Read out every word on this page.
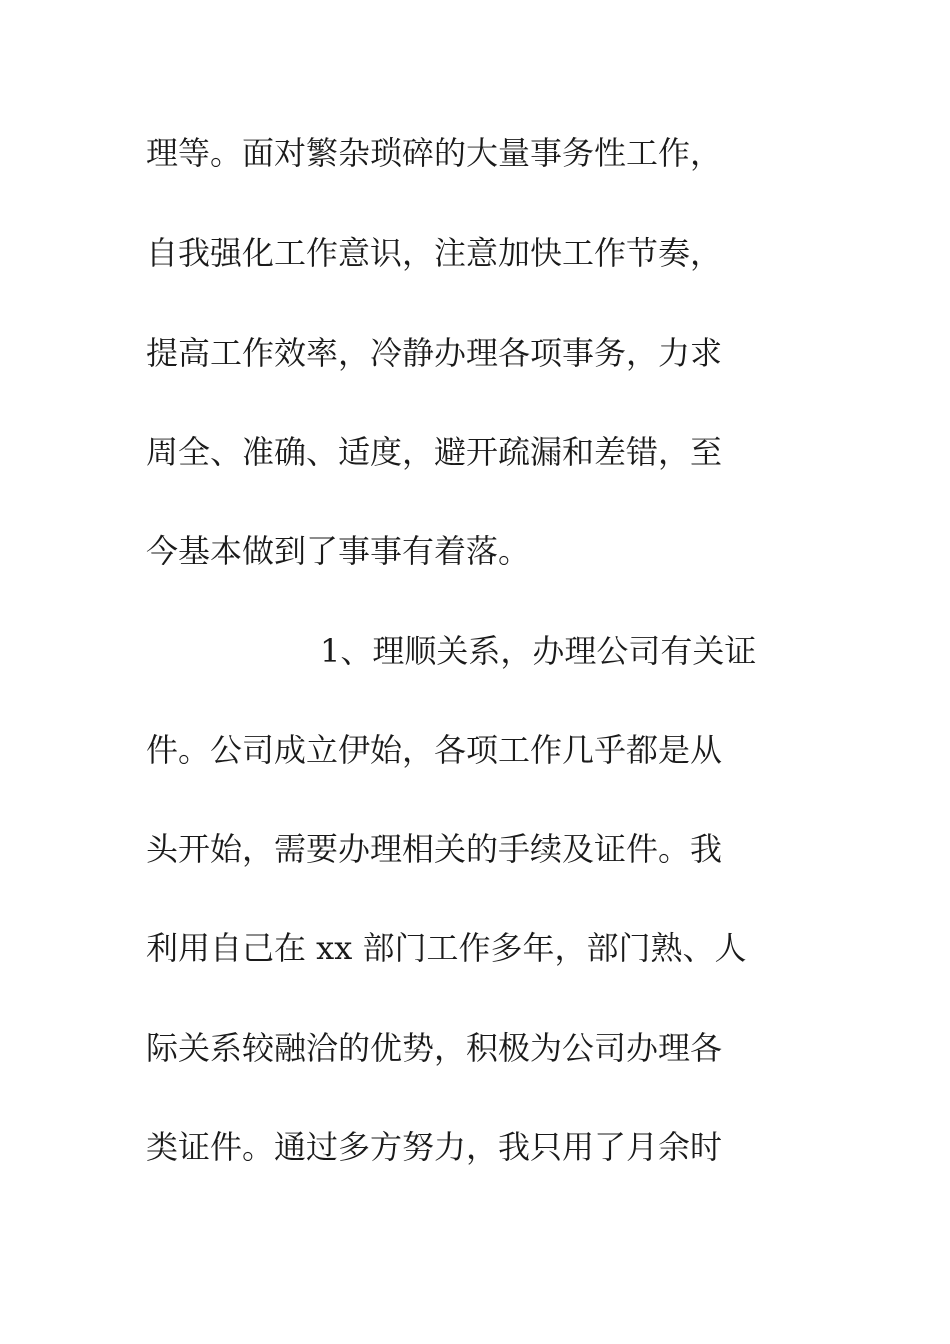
理等。面对繁杂琐碎的大量事务性工作，
自我强化工作意识，注意加快工作节奏，
提高工作效率，冷静办理各项事务，力求
周全、准确、适度，避开疏漏和差错，至
今基本做到了事事有着落。
1、理顺关系，办理公司有关证
件。公司成立伊始，各项工作几乎都是从
头开始，需要办理相关的手续及证件。我
利用自己在 xx 部门工作多年，部门熟、人
际关系较融洽的优势，积极为公司办理各
类证件。通过多方努力，我只用了月余时
